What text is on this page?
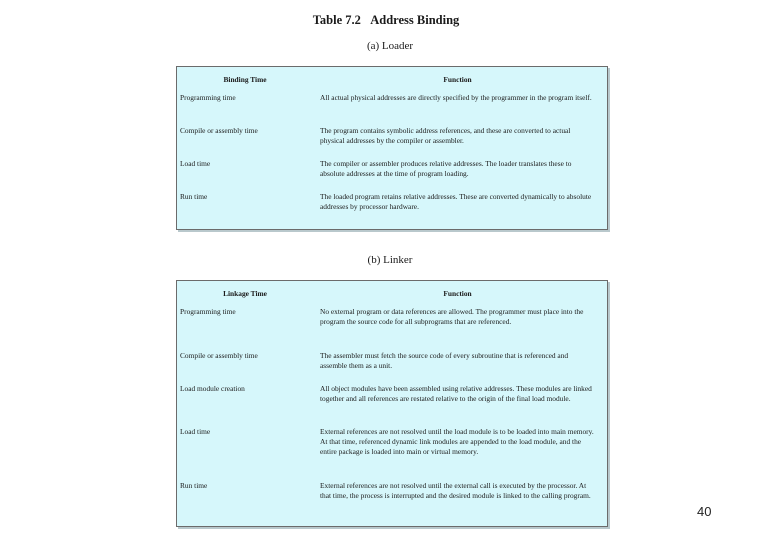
Table 7.2 Address Binding
(a) Loader
Binding Time	Function
Programming time	All actual physical addresses are directly specified by the programmer in the program itself.
Compile or assembly time	The program contains symbolic address references, and these are converted to actual physical addresses by the compiler or assembler.
Load time	The compiler or assembler produces relative addresses. The loader translates these to absolute addresses at the time of program loading.
Run time	The loaded program retains relative addresses. These are converted dynamically to absolute addresses by processor hardware.
(b) Linker
Linkage Time	Function
Programming time	No external program or data references are allowed. The programmer must place into the program the source code for all subprograms that are referenced.
Compile or assembly time	The assembler must fetch the source code of every subroutine that is referenced and assemble them as a unit.
Load module creation	All object modules have been assembled using relative addresses. These modules are linked together and all references are restated relative to the origin of the final load module.
Load time	External references are not resolved until the load module is to be loaded into main memory. At that time, referenced dynamic link modules are appended to the load module, and the entire package is loaded into main or virtual memory.
Run time	External references are not resolved until the external call is executed by the processor. At that time, the process is interrupted and the desired module is linked to the calling program.
40
